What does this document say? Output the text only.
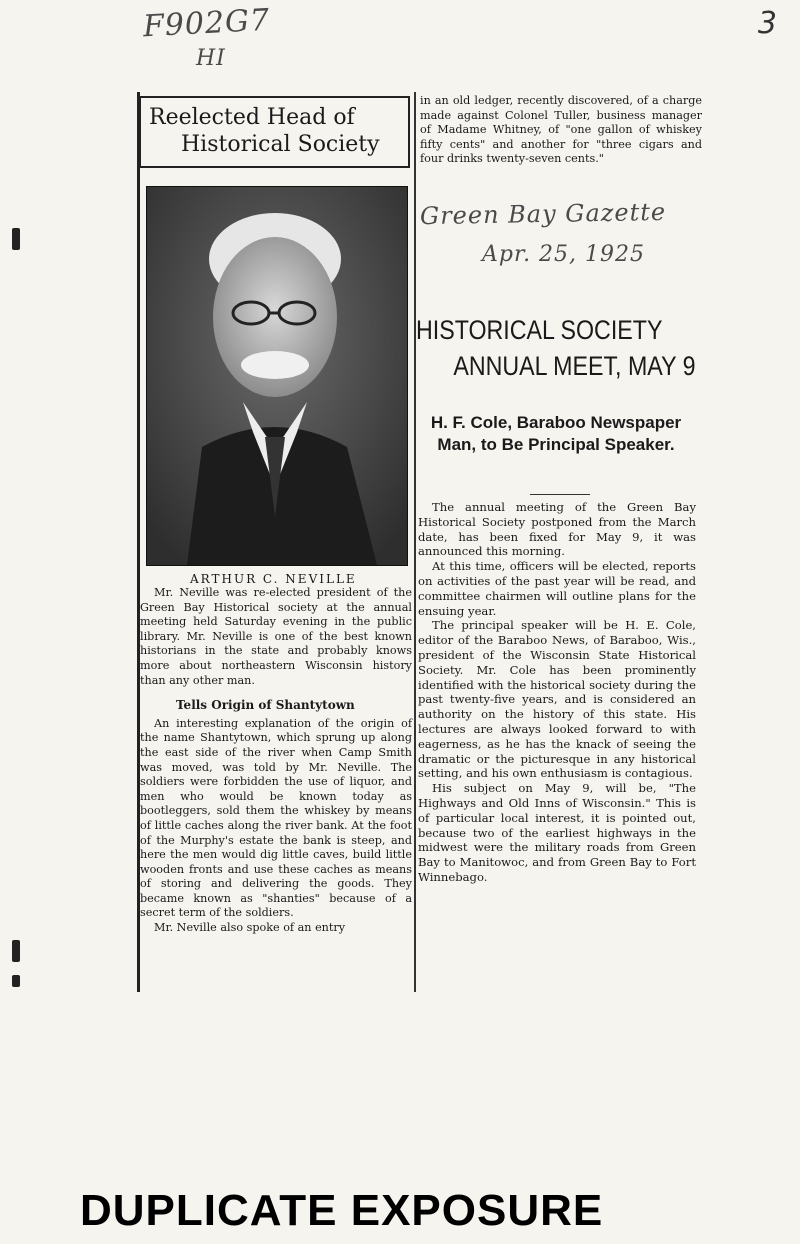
F902G7
HI
3
Reelected Head of
Historical Society
ARTHUR C. NEVILLE

Mr. Neville was re-elected president of the Green Bay Historical society at the annual meeting held Saturday evening in the public library. Mr. Neville is one of the best known historians in the state and probably knows more about northeastern Wisconsin history than any other man.

Tells Origin of Shantytown

An interesting explanation of the origin of the name Shantytown, which sprung up along the east side of the river when Camp Smith was moved, was told by Mr. Neville. The soldiers were forbidden the use of liquor, and men who would be known today as bootleggers, sold them the whiskey by means of little caches along the river bank. At the foot of the Murphy's estate the bank is steep, and here the men would dig little caves, build little wooden fronts and use these caches as means of storing and delivering the goods. They became known as "shanties" because of a secret term of the soldiers.

Mr. Neville also spoke of an entry

in an old ledger, recently discovered, of a charge made against Colonel Tuller, business manager of Madame Whitney, of "one gallon of whiskey fifty cents" and another for "three cigars and four drinks twenty-seven cents."

Green Bay Gazette
Apr. 25, 1925
HISTORICAL SOCIETY
ANNUAL MEET, MAY 9
H. F. Cole, Baraboo Newspaper Man, to Be Principal Speaker.

The annual meeting of the Green Bay Historical Society postponed from the March date, has been fixed for May 9, it was announced this morning.

At this time, officers will be elected, reports on activities of the past year will be read, and committee chairmen will outline plans for the ensuing year.

The principal speaker will be H. E. Cole, editor of the Baraboo News, of Baraboo, Wis., president of the Wisconsin State Historical Society. Mr. Cole has been prominently identified with the historical society during the past twenty-five years, and is considered an authority on the history of this state. His lectures are always looked forward to with eagerness, as he has the knack of seeing the dramatic or the picturesque in any historical setting, and his own enthusiasm is contagious.

His subject on May 9, will be, "The Highways and Old Inns of Wisconsin." This is of particular local interest, it is pointed out, because two of the earliest highways in the midwest were the military roads from Green Bay to Manitowoc, and from Green Bay to Fort Winnebago.

DUPLICATE EXPOSURE
